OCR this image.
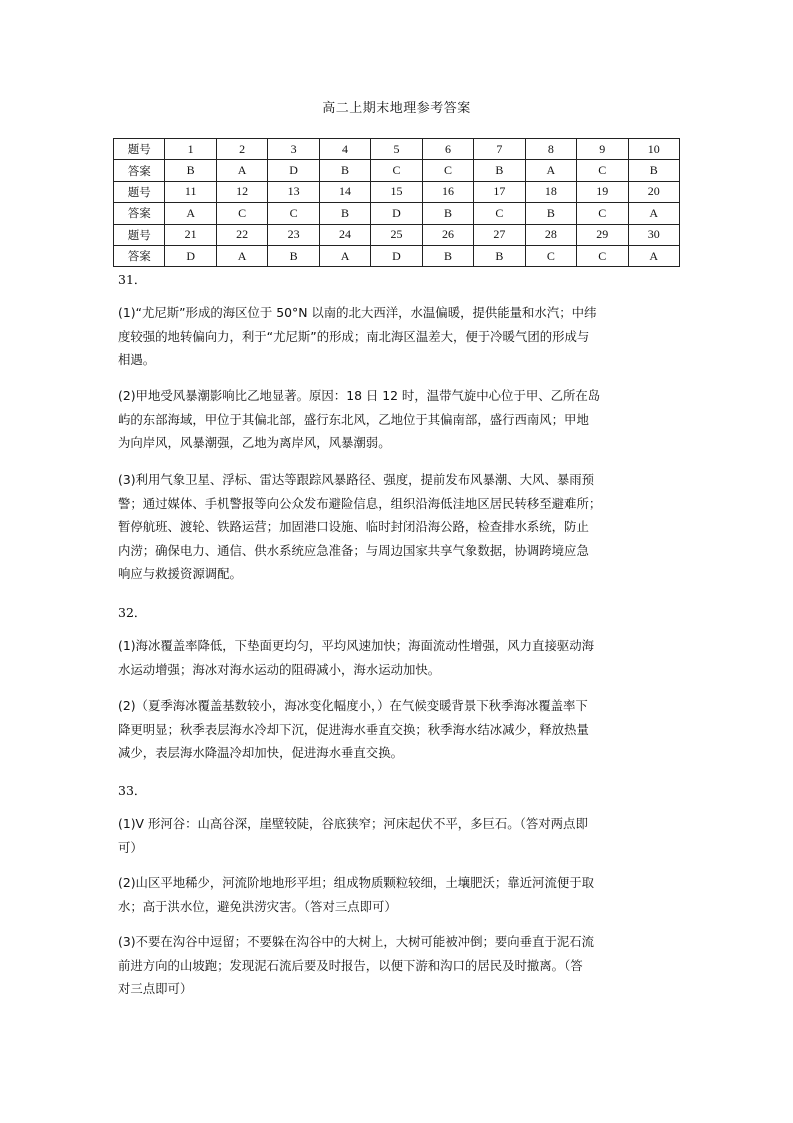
高二上期末地理参考答案
题号	1	2	3	4	5	6	7	8	9	10
答案	B	A	D	B	C	C	B	A	C	B
题号	11	12	13	14	15	16	17	18	19	20
答案	A	C	C	B	D	B	C	B	C	A
题号	21	22	23	24	25	26	27	28	29	30
答案	D	A	B	A	D	B	B	C	C	A
31．
(1)“尤尼斯”形成的海区位于 50°N 以南的北大西洋，水温偏暖，提供能量和水汽；中纬
度较强的地转偏向力，利于“尤尼斯”的形成；南北海区温差大，便于冷暖气团的形成与
相遇。
(2)甲地受风暴潮影响比乙地显著。原因：18 日 12 时，温带气旋中心位于甲、乙所在岛
屿的东部海域，甲位于其偏北部，盛行东北风，乙地位于其偏南部，盛行西南风；甲地
为向岸风，风暴潮强，乙地为离岸风，风暴潮弱。
(3)利用气象卫星、浮标、雷达等跟踪风暴路径、强度，提前发布风暴潮、大风、暴雨预
警；通过媒体、手机警报等向公众发布避险信息，组织沿海低洼地区居民转移至避难所；
暂停航班、渡轮、铁路运营；加固港口设施、临时封闭沿海公路，检查排水系统，防止
内涝；确保电力、通信、供水系统应急准备；与周边国家共享气象数据，协调跨境应急
响应与救援资源调配。
32．
(1)海冰覆盖率降低，下垫面更均匀，平均风速加快；海面流动性增强，风力直接驱动海
水运动增强；海冰对海水运动的阻碍减小，海水运动加快。
(2)（夏季海冰覆盖基数较小，海冰变化幅度小，）在气候变暖背景下秋季海冰覆盖率下
降更明显；秋季表层海水冷却下沉，促进海水垂直交换；秋季海水结冰减少，释放热量
减少，表层海水降温冷却加快，促进海水垂直交换。
33．
(1)V 形河谷：山高谷深，崖壁较陡，谷底狭窄；河床起伏不平，多巨石。（答对两点即
可）
(2)山区平地稀少，河流阶地地形平坦；组成物质颗粒较细，土壤肥沃；靠近河流便于取
水；高于洪水位，避免洪涝灾害。（答对三点即可）
(3)不要在沟谷中逗留；不要躲在沟谷中的大树上，大树可能被冲倒；要向垂直于泥石流
前进方向的山坡跑；发现泥石流后要及时报告，以便下游和沟口的居民及时撤离。（答
对三点即可）
